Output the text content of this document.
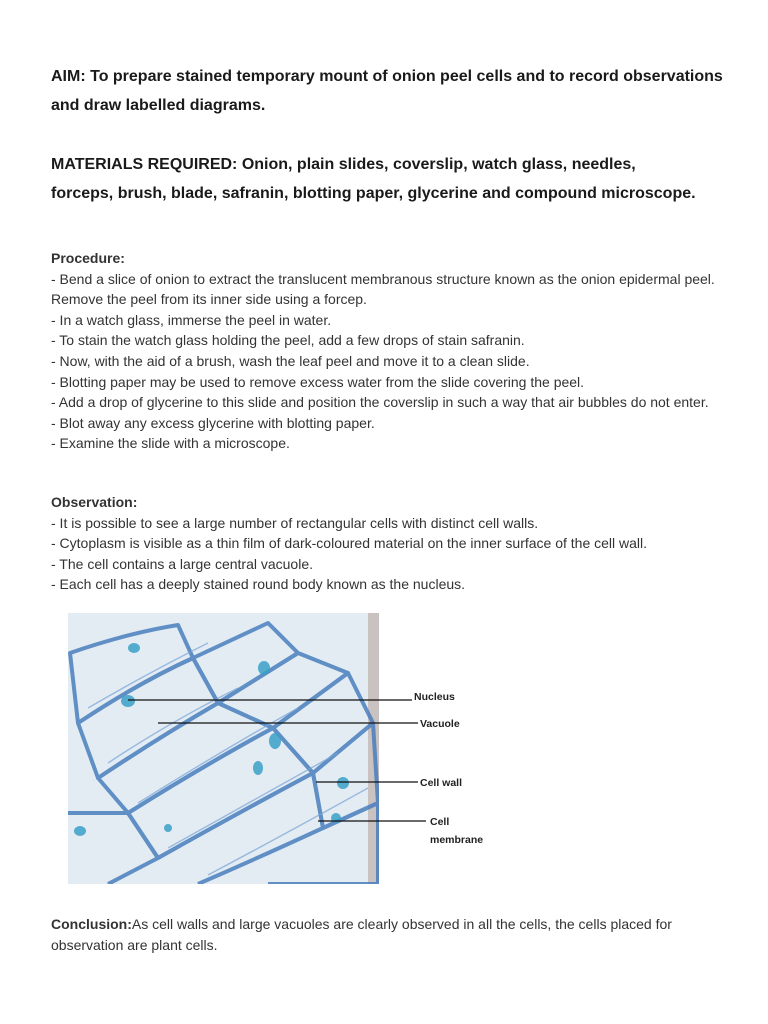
AIM: To prepare stained temporary mount of onion peel cells and to record observations and draw labelled diagrams.
MATERIALS REQUIRED: Onion, plain slides, coverslip, watch glass, needles, forceps, brush, blade, safranin, blotting paper, glycerine and compound microscope.
Procedure:
- Bend a slice of onion to extract the translucent membranous structure known as the onion epidermal peel. Remove the peel from its inner side using a forcep.
- In a watch glass, immerse the peel in water.
- To stain the watch glass holding the peel, add a few drops of stain safranin.
- Now, with the aid of a brush, wash the leaf peel and move it to a clean slide.
- Blotting paper may be used to remove excess water from the slide covering the peel.
- Add a drop of glycerine to this slide and position the coverslip in such a way that air bubbles do not enter.
- Blot away any excess glycerine with blotting paper.
- Examine the slide with a microscope.
Observation:
- It is possible to see a large number of rectangular cells with distinct cell walls.
- Cytoplasm is visible as a thin film of dark-coloured material on the inner surface of the cell wall.
- The cell contains a large central vacuole.
- Each cell has a deeply stained round body known as the nucleus.
Conclusion:As cell walls and large vacuoles are clearly observed in all the cells, the cells placed for observation are plant cells.
Nucleus
Vacuole
Cell wall
Cell
membrane
